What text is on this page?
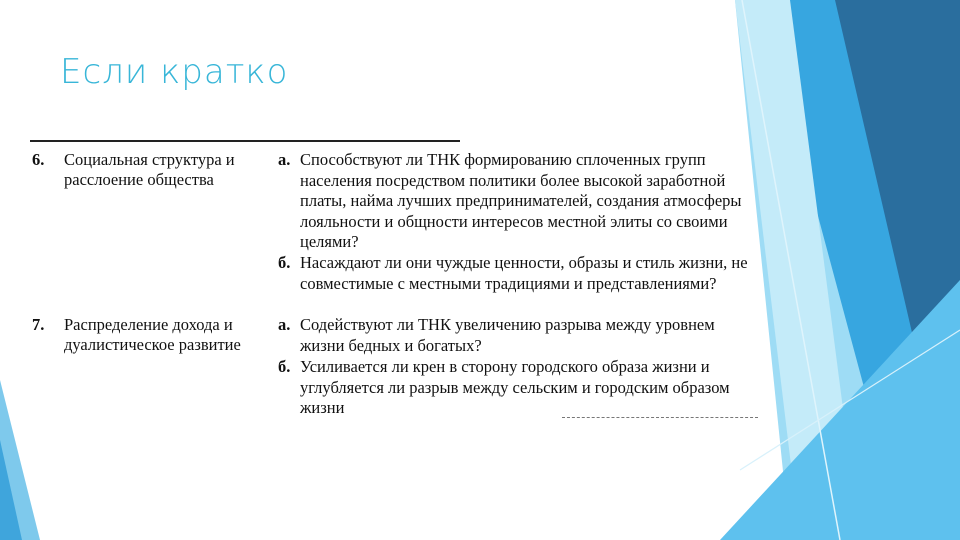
Если кратко
6. Социальная структура и расслоение общества
а. Способствуют ли ТНК формированию сплоченных групп населения посредством политики более высокой заработной платы, найма лучших предпринимателей, создания атмосферы лояльности и общности интересов местной элиты со своими целями?
б. Насаждают ли они чуждые ценности, образы и стиль жизни, не совместимые с местными традициями и представлениями?
7. Распределение дохода и дуалистическое развитие
а. Содействуют ли ТНК увеличению разрыва между уровнем жизни бедных и богатых?
б. Усиливается ли крен в сторону городского образа жизни и углубляется ли разрыв между сельским и городским образом жизни
